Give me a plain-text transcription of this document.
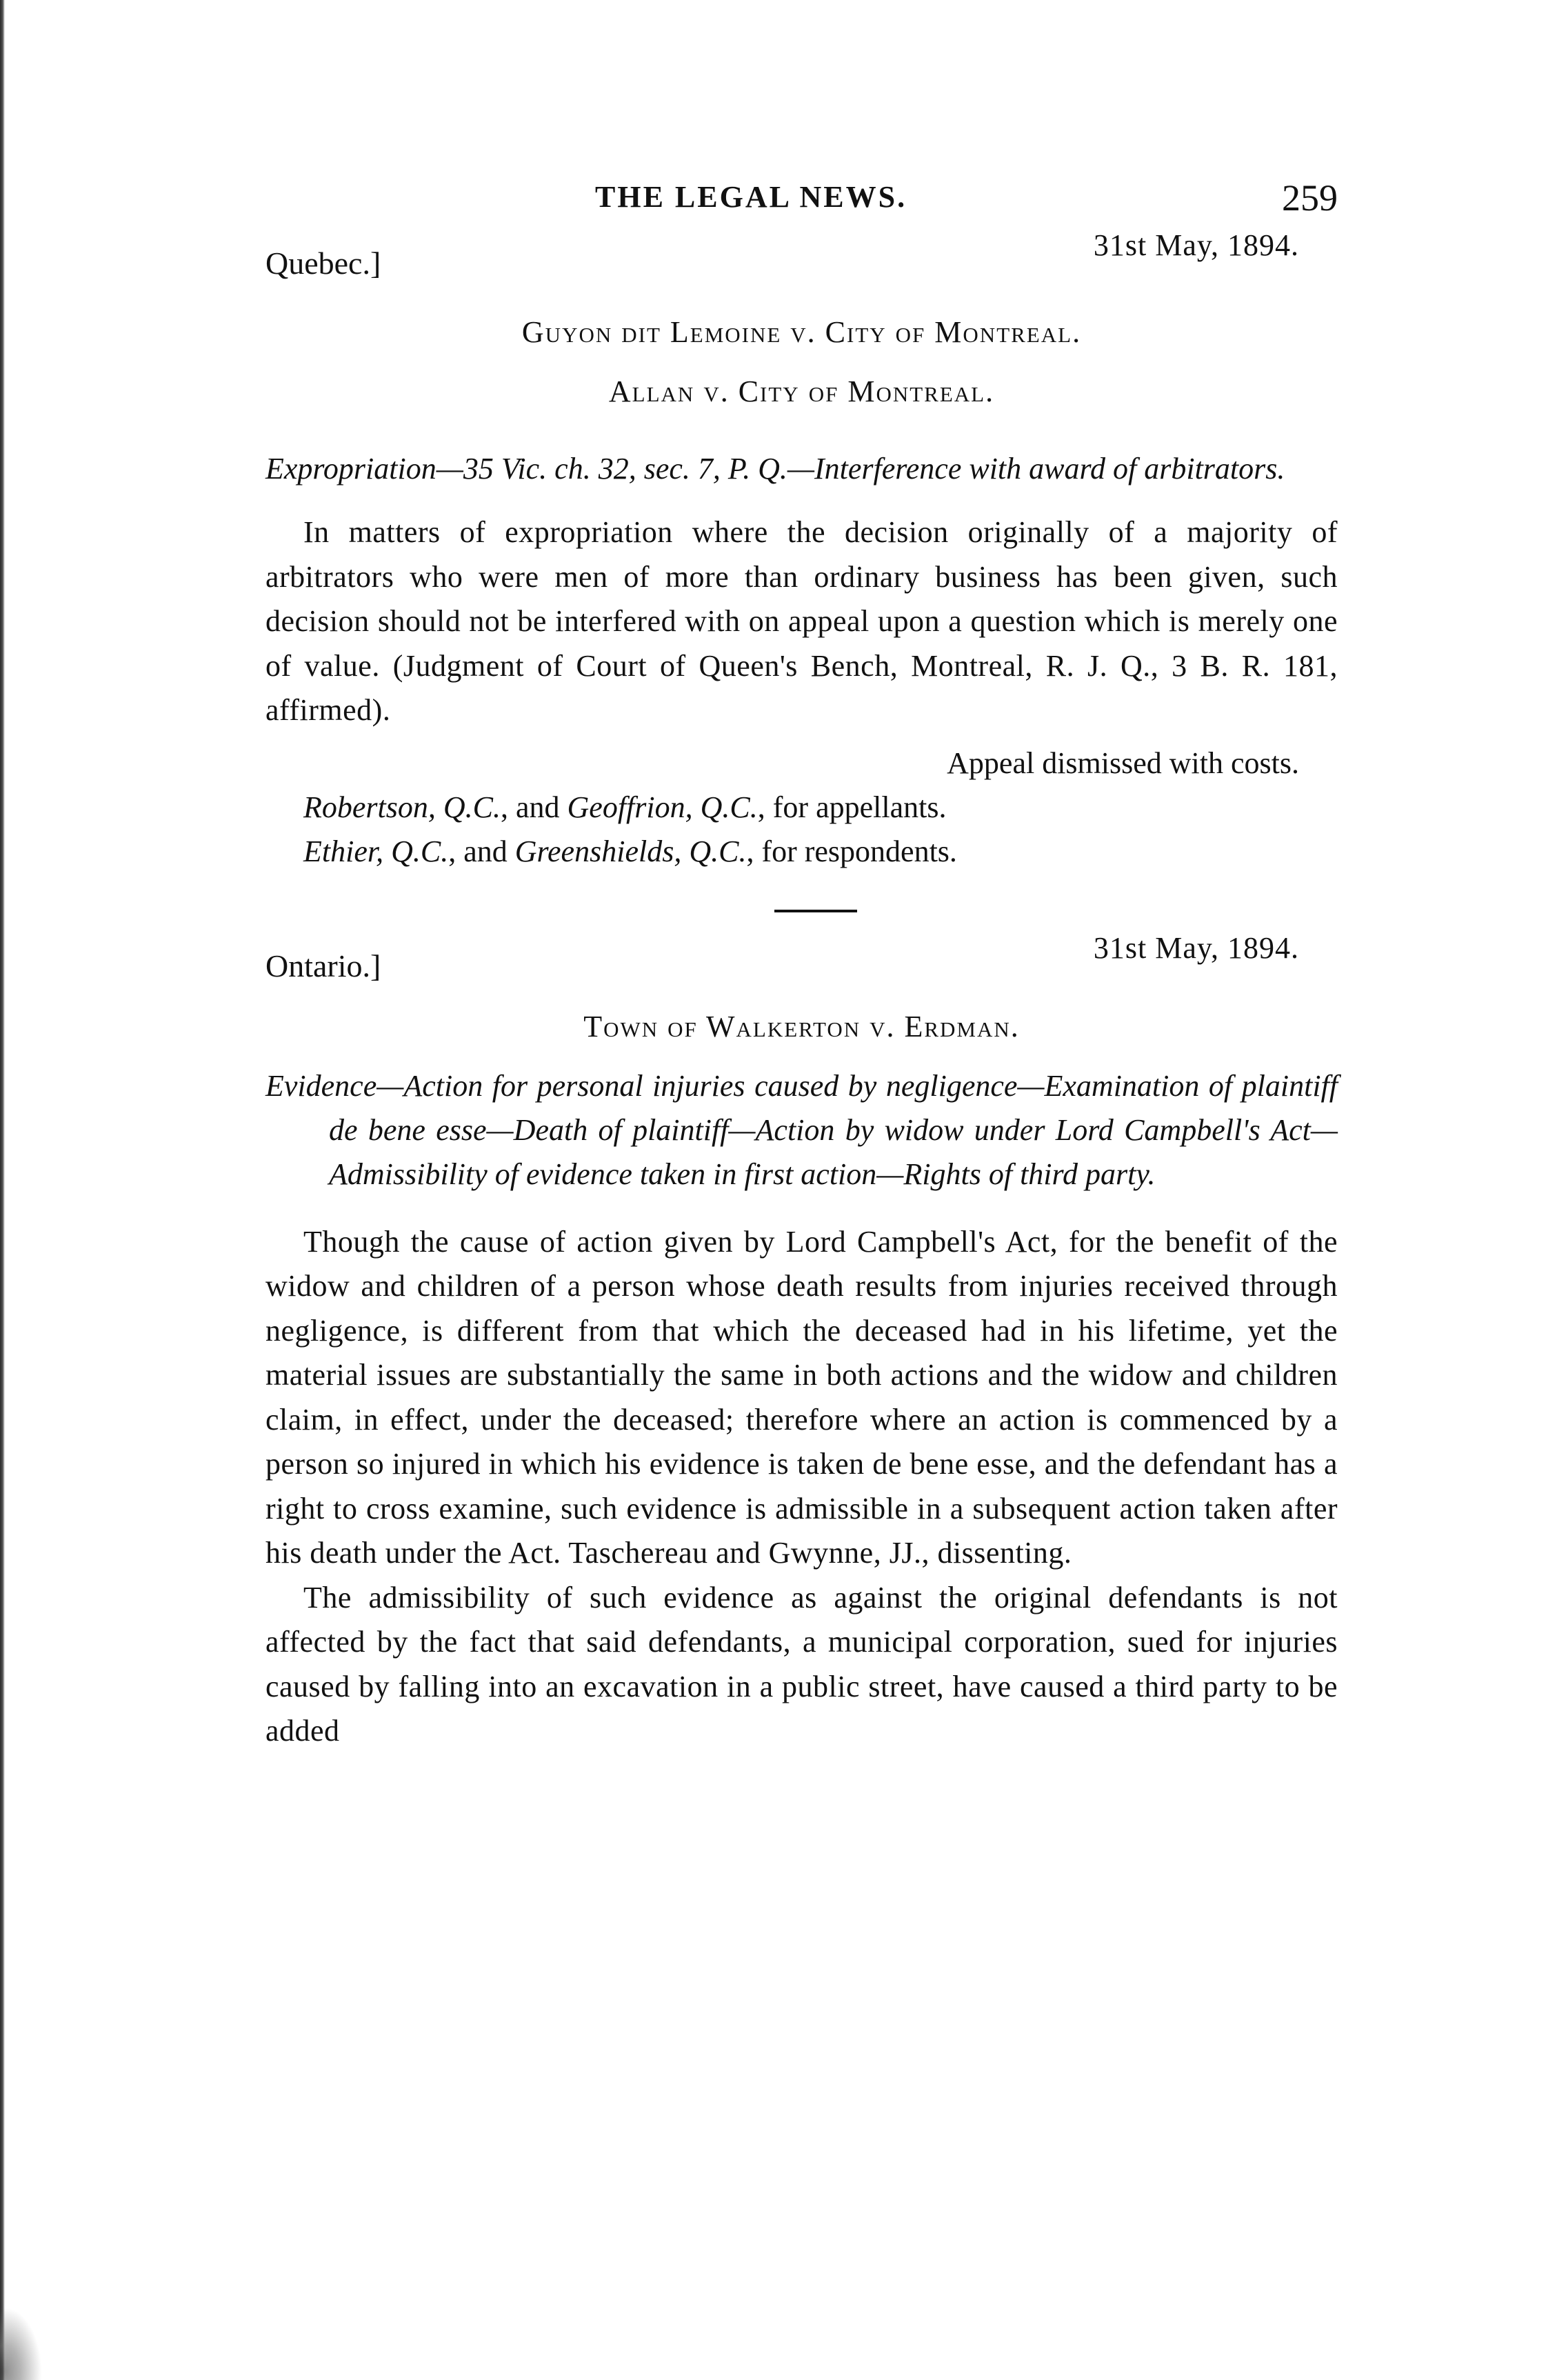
THE LEGAL NEWS.	259
31st May, 1894.
Quebec.]
Guyon dit Lemoine v. City of Montreal.
Allan v. City of Montreal.

Expropriation—35 Vic. ch. 32, sec. 7, P. Q.—Interference with award of arbitrators.

In matters of expropriation where the decision originally of a majority of arbitrators who were men of more than ordinary business has been given, such decision should not be interfered with on appeal upon a question which is merely one of value. (Judgment of Court of Queen's Bench, Montreal, R. J. Q., 3 B. R. 181, affirmed).

Appeal dismissed with costs.
Robertson, Q.C., and Geoffrion, Q.C., for appellants.
Ethier, Q.C., and Greenshields, Q.C., for respondents.
31st May, 1894.
Ontario.]
Town of Walkerton v. Erdman.

Evidence—Action for personal injuries caused by negligence—Examination of plaintiff de bene esse—Death of plaintiff—Action by widow under Lord Campbell's Act—Admissibility of evidence taken in first action—Rights of third party.

Though the cause of action given by Lord Campbell's Act, for the benefit of the widow and children of a person whose death results from injuries received through negligence, is different from that which the deceased had in his lifetime, yet the material issues are substantially the same in both actions and the widow and children claim, in effect, under the deceased; therefore where an action is commenced by a person so injured in which his evidence is taken de bene esse, and the defendant has a right to cross examine, such evidence is admissible in a subsequent action taken after his death under the Act. Taschereau and Gwynne, JJ., dissenting.

The admissibility of such evidence as against the original defendants is not affected by the fact that said defendants, a municipal corporation, sued for injuries caused by falling into an excavation in a public street, have caused a third party to be added
